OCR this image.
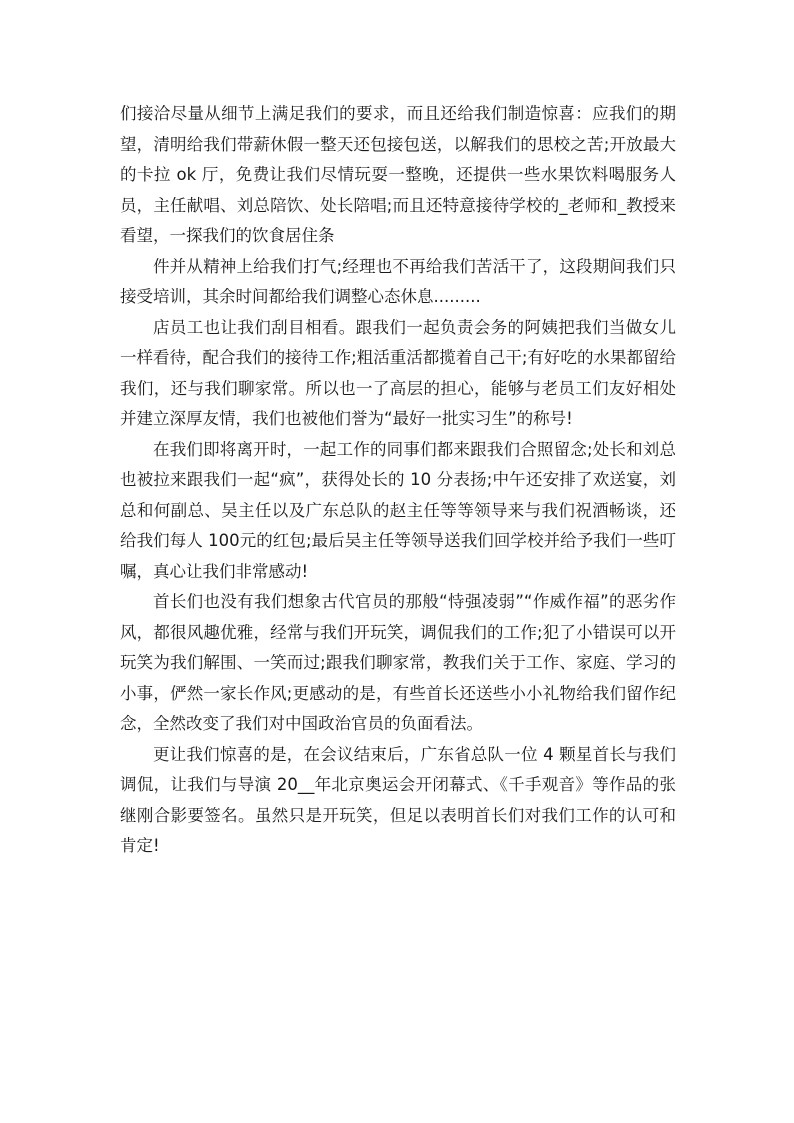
们接洽尽量从细节上满足我们的要求，而且还给我们制造惊喜：应我们的期望，清明给我们带薪休假一整天还包接包送，以解我们的思校之苦;开放最大的卡拉 ok 厅，免费让我们尽情玩耍一整晚，还提供一些水果饮料喝服务人员，主任献唱、刘总陪饮、处长陪唱;而且还特意接待学校的_老师和_教授来看望，一探我们的饮食居住条

件并从精神上给我们打气;经理也不再给我们苦活干了，这段期间我们只接受培训，其余时间都给我们调整心态休息.........

店员工也让我们刮目相看。跟我们一起负责会务的阿姨把我们当做女儿一样看待，配合我们的接待工作;粗活重活都揽着自己干;有好吃的水果都留给我们，还与我们聊家常。所以也一了高层的担心，能够与老员工们友好相处并建立深厚友情，我们也被他们誉为“最好一批实习生”的称号!

在我们即将离开时，一起工作的同事们都来跟我们合照留念;处长和刘总也被拉来跟我们一起“疯”，获得处长的 10 分表扬;中午还安排了欢送宴，刘总和何副总、吴主任以及广东总队的赵主任等等领导来与我们祝酒畅谈，还给我们每人 100元的红包;最后吴主任等领导送我们回学校并给予我们一些叮嘱，真心让我们非常感动!

首长们也没有我们想象古代官员的那般“恃强凌弱”“作威作福”的恶劣作风，都很风趣优雅，经常与我们开玩笑，调侃我们的工作;犯了小错误可以开玩笑为我们解围、一笑而过;跟我们聊家常，教我们关于工作、家庭、学习的小事，俨然一家长作风;更感动的是，有些首长还送些小小礼物给我们留作纪念，全然改变了我们对中国政治官员的负面看法。

更让我们惊喜的是，在会议结束后，广东省总队一位 4 颗星首长与我们调侃，让我们与导演 20__年北京奥运会开闭幕式、《千手观音》等作品的张继刚合影要签名。虽然只是开玩笑，但足以表明首长们对我们工作的认可和肯定!
